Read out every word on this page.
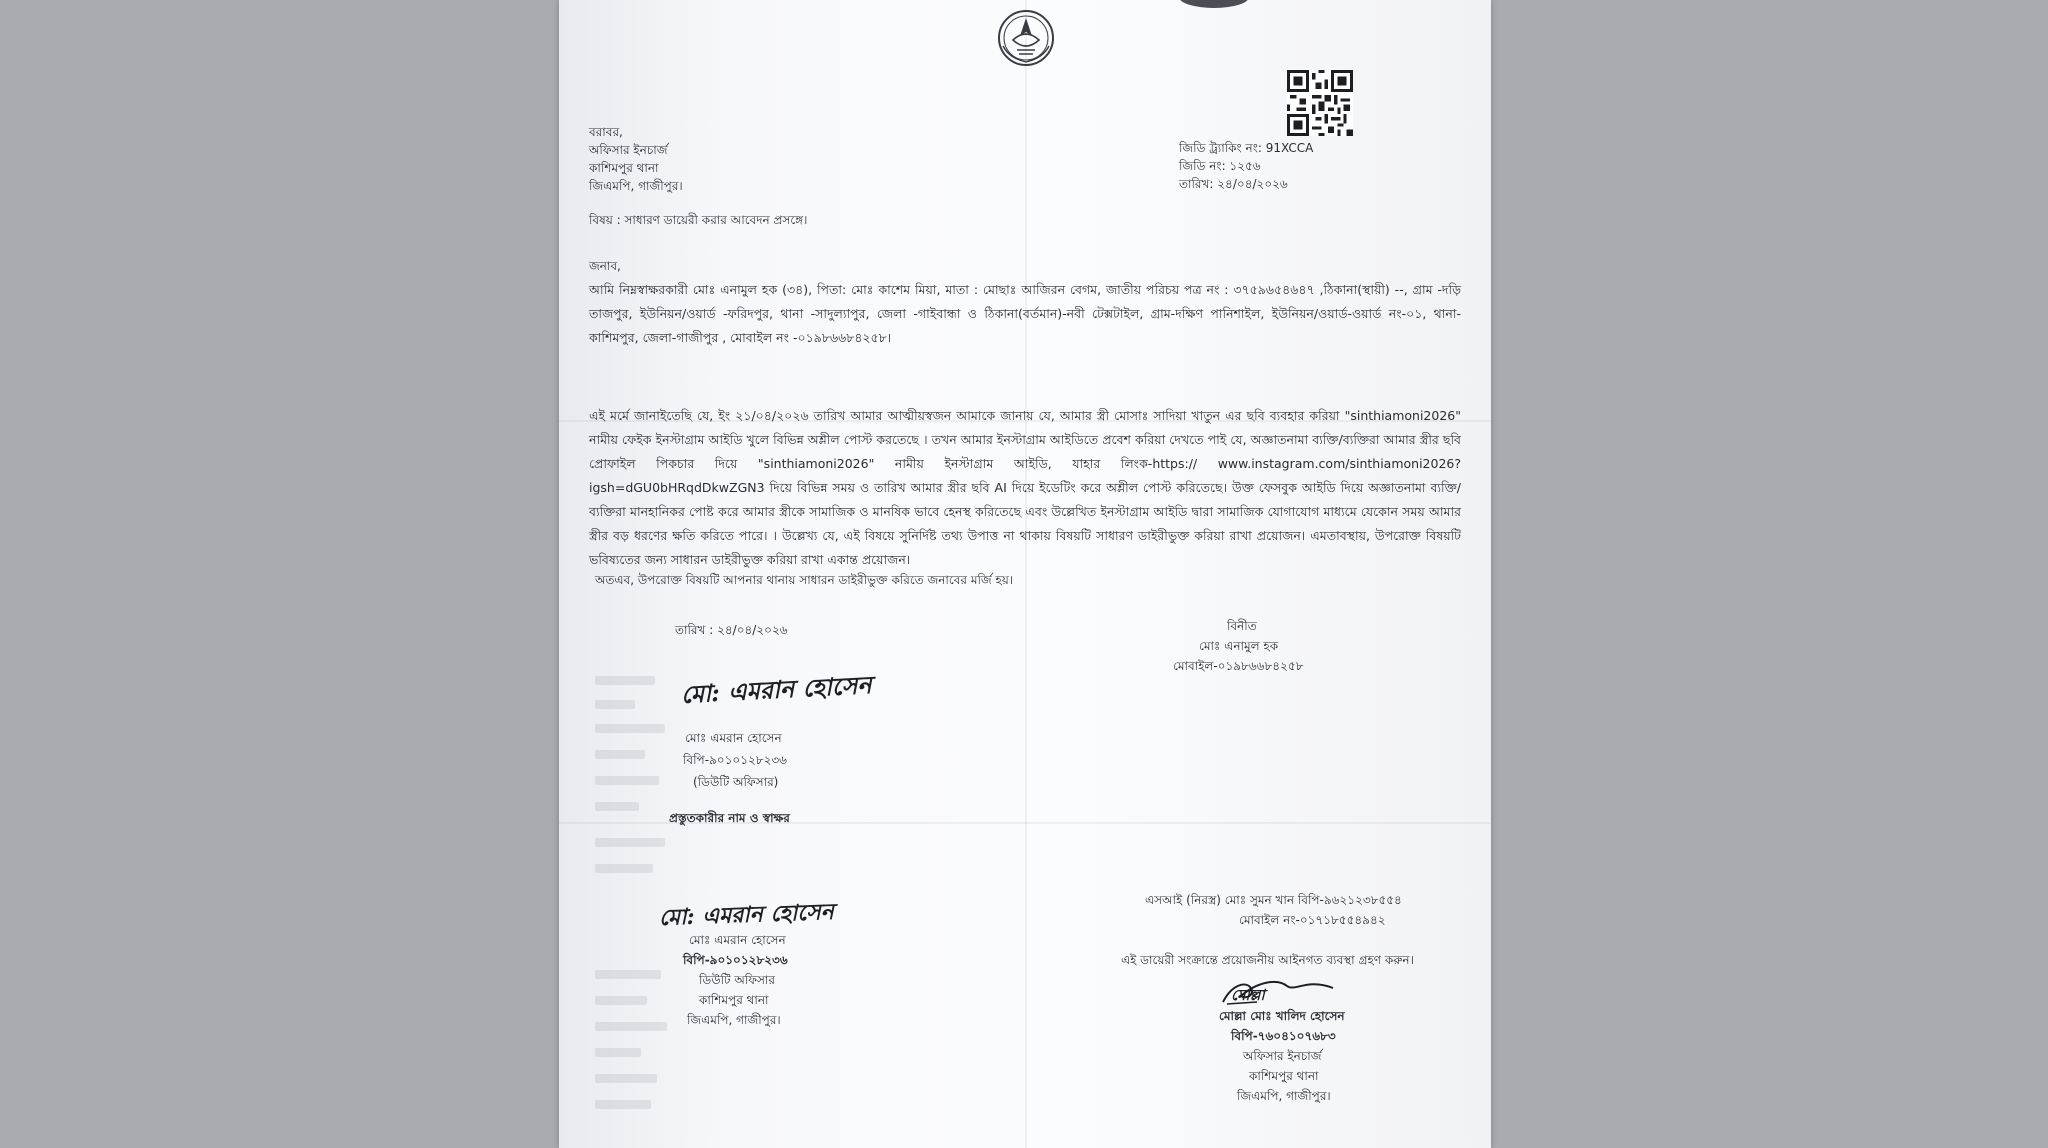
বরাবর,
অফিসার ইনচার্জ
কাশিমপুর থানা
জিএমপি, গাজীপুর।
জিডি ট্র্যাকিং নং: 91XCCA
জিডি নং: ১২৫৬
তারিখ: ২৪/০৪/২০২৬
বিষয় : সাধারণ ডায়েরী করার আবেদন প্রসঙ্গে।
জনাব,
আমি নিম্নস্বাক্ষরকারী মোঃ এনামুল হক (৩৪), পিতা: মোঃ কাশেম মিয়া, মাতা : মোছাঃ আজিরন বেগম, জাতীয় পরিচয় পত্র নং : ৩৭৫৯৬৫৪৬৪৭ ,ঠিকানা(স্থায়ী) --, গ্রাম -দড়ি তাজপুর, ইউনিয়ন/ওয়ার্ড -ফরিদপুর, থানা -সাদুল্যাপুর, জেলা -গাইবান্ধা ও ঠিকানা(বর্তমান)-নবী টেক্সটাইল, গ্রাম-দক্ষিণ পানিশাইল, ইউনিয়ন/ওয়ার্ড-ওয়ার্ড নং-০১, থানা-কাশিমপুর, জেলা-গাজীপুর , মোবাইল নং -০১৯৮৬৬৮৪২৫৮।
এই মর্মে জানাইতেছি যে, ইং ২১/০৪/২০২৬ তারিখ আমার আত্মীয়স্বজন আমাকে জানায় যে, আমার স্ত্রী মোসাঃ সাদিয়া খাতুন এর ছবি ব্যবহার করিয়া "sinthiamoni2026" নামীয় ফেইক ইনস্টাগ্রাম আইডি খুলে বিভিন্ন অশ্লীল পোস্ট করতেছে । তখন আমার ইনস্টাগ্রাম আইডিতে প্রবেশ করিয়া দেখতে পাই যে, অজ্ঞাতনামা ব্যক্তি/ব্যক্তিরা আমার স্ত্রীর ছবি প্রোফাইল পিকচার দিয়ে "sinthiamoni2026" নামীয় ইনস্টাগ্রাম আইডি, যাহার লিংক-https:// www.instagram.com/sinthiamoni2026?igsh=dGU0bHRqdDkwZGN3 দিয়ে বিভিন্ন সময় ও তারিখ আমার স্ত্রীর ছবি AI দিয়ে ইডেটিং করে অশ্লীল পোস্ট করিতেছে। উক্ত ফেসবুক আইডি দিয়ে অজ্ঞাতনামা ব্যক্তি/ব্যক্তিরা মানহানিকর পোষ্ট করে আমার স্ত্রীকে সামাজিক ও মানষিক ভাবে হেনস্থ করিতেছে এবং উল্লেখিত ইনস্টাগ্রাম আইডি দ্বারা সামাজিক যোগাযোগ মাধ্যমে যেকোন সময় আমার স্ত্রীর বড় ধরণের ক্ষতি করিতে পারে। । উল্লেখ্য যে, এই বিষয়ে সুনির্দিষ্ট তথ্য উপাত্ত না থাকায় বিষয়টি সাধারণ ডাইরীভুক্ত করিয়া রাখা প্রয়োজন। এমতাবস্থায়, উপরোক্ত বিষয়টি ভবিষ্যতের জন্য সাধারন ডাইরীভুক্ত করিয়া রাখা একান্ত প্রয়োজন।
অতএব, উপরোক্ত বিষয়টি আপনার থানায় সাধারন ডাইরীভুক্ত করিতে জনাবের মর্জি হয়।
তারিখ : ২৪/০৪/২০২৬	বিনীত
মোঃ এনামুল হক
মোবাইল-০১৯৮৬৬৮৪২৫৮
মো: এমরান হোসেন
মোঃ এমরান হোসেন
বিপি-৯০১০১২৮২৩৬
(ডিউটি অফিসার)
প্রস্তুতকারীর নাম ও স্বাক্ষর
মো: এমরান হোসেন
মোঃ এমরান হোসেন
বিপি-৯০১০১২৮২৩৬
ডিউটি অফিসার
কাশিমপুর থানা
জিএমপি, গাজীপুর।
এসআই (নিরস্ত্র) মোঃ সুমন খান বিপি-৯৬২১২৩৮৫৫৪
মোবাইল নং-০১৭১৮৫৫৪৯৪২
এই ডায়েরী সংক্রান্তে প্রয়োজনীয় আইনগত ব্যবস্থা গ্রহণ করুন।
মোল্লা
মোল্লা মোঃ খালিদ হোসেন
বিপি-৭৬০৪১০৭৬৮৩
অফিসার ইনচার্জ
কাশিমপুর থানা
জিএমপি, গাজীপুর।
